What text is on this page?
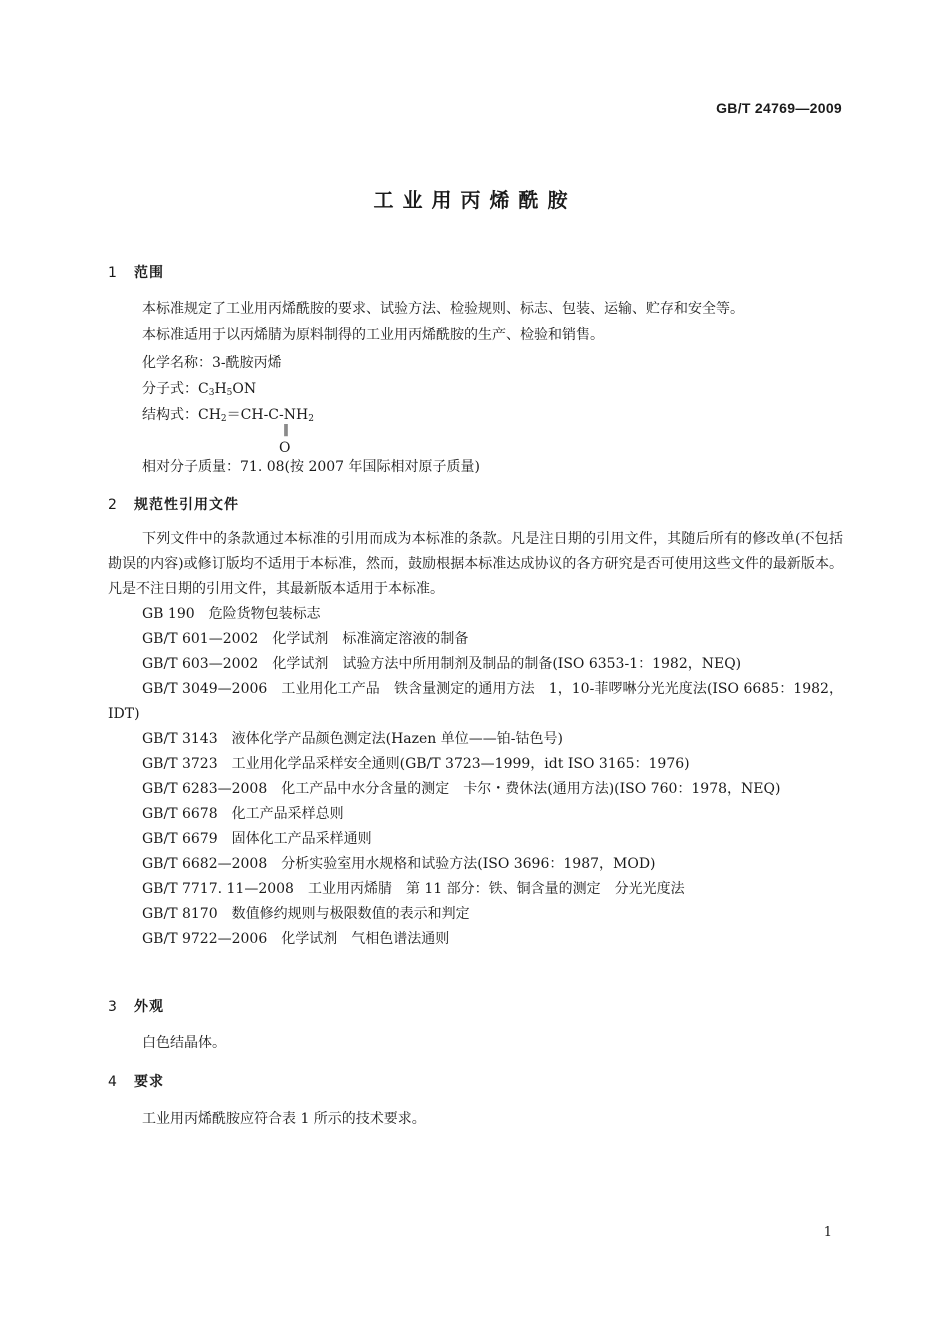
GB/T 24769—2009
工业用丙烯酰胺
1 范围
本标准规定了工业用丙烯酰胺的要求、试验方法、检验规则、标志、包装、运输、贮存和安全等。
本标准适用于以丙烯腈为原料制得的工业用丙烯酰胺的生产、检验和销售。
化学名称：3-酰胺丙烯
分子式：$C_3H_5ON$
结构式：$CH_2=CH-C-NH_2$
‖
O
相对分子质量：71. 08(按 2007 年国际相对原子质量)
2 规范性引用文件
下列文件中的条款通过本标准的引用而成为本标准的条款。凡是注日期的引用文件，其随后所有的修改单(不包括勘误的内容)或修订版均不适用于本标准，然而，鼓励根据本标准达成协议的各方研究是否可使用这些文件的最新版本。凡是不注日期的引用文件，其最新版本适用于本标准。
GB 190 危险货物包装标志
GB/T 601—2002 化学试剂　标准滴定溶液的制备
GB/T 603—2002 化学试剂　试验方法中所用制剂及制品的制备(ISO 6353-1：1982，NEQ)
GB/T 3049—2006 工业用化工产品　铁含量测定的通用方法　1，10-菲啰啉分光光度法(ISO 6685：1982，IDT)
GB/T 3143 液体化学产品颜色测定法(Hazen 单位——铂-钴色号)
GB/T 3723 工业用化学品采样安全通则(GB/T 3723—1999，idt ISO 3165：1976)
GB/T 6283—2008 化工产品中水分含量的测定　卡尔・费休法(通用方法)(ISO 760：1978，NEQ)
GB/T 6678 化工产品采样总则
GB/T 6679 固体化工产品采样通则
GB/T 6682—2008 分析实验室用水规格和试验方法(ISO 3696：1987，MOD)
GB/T 7717. 11—2008 工业用丙烯腈　第 11 部分：铁、铜含量的测定　分光光度法
GB/T 8170 数值修约规则与极限数值的表示和判定
GB/T 9722—2006 化学试剂　气相色谱法通则
3 外观
白色结晶体。
4 要求
工业用丙烯酰胺应符合表 1 所示的技术要求。
1
